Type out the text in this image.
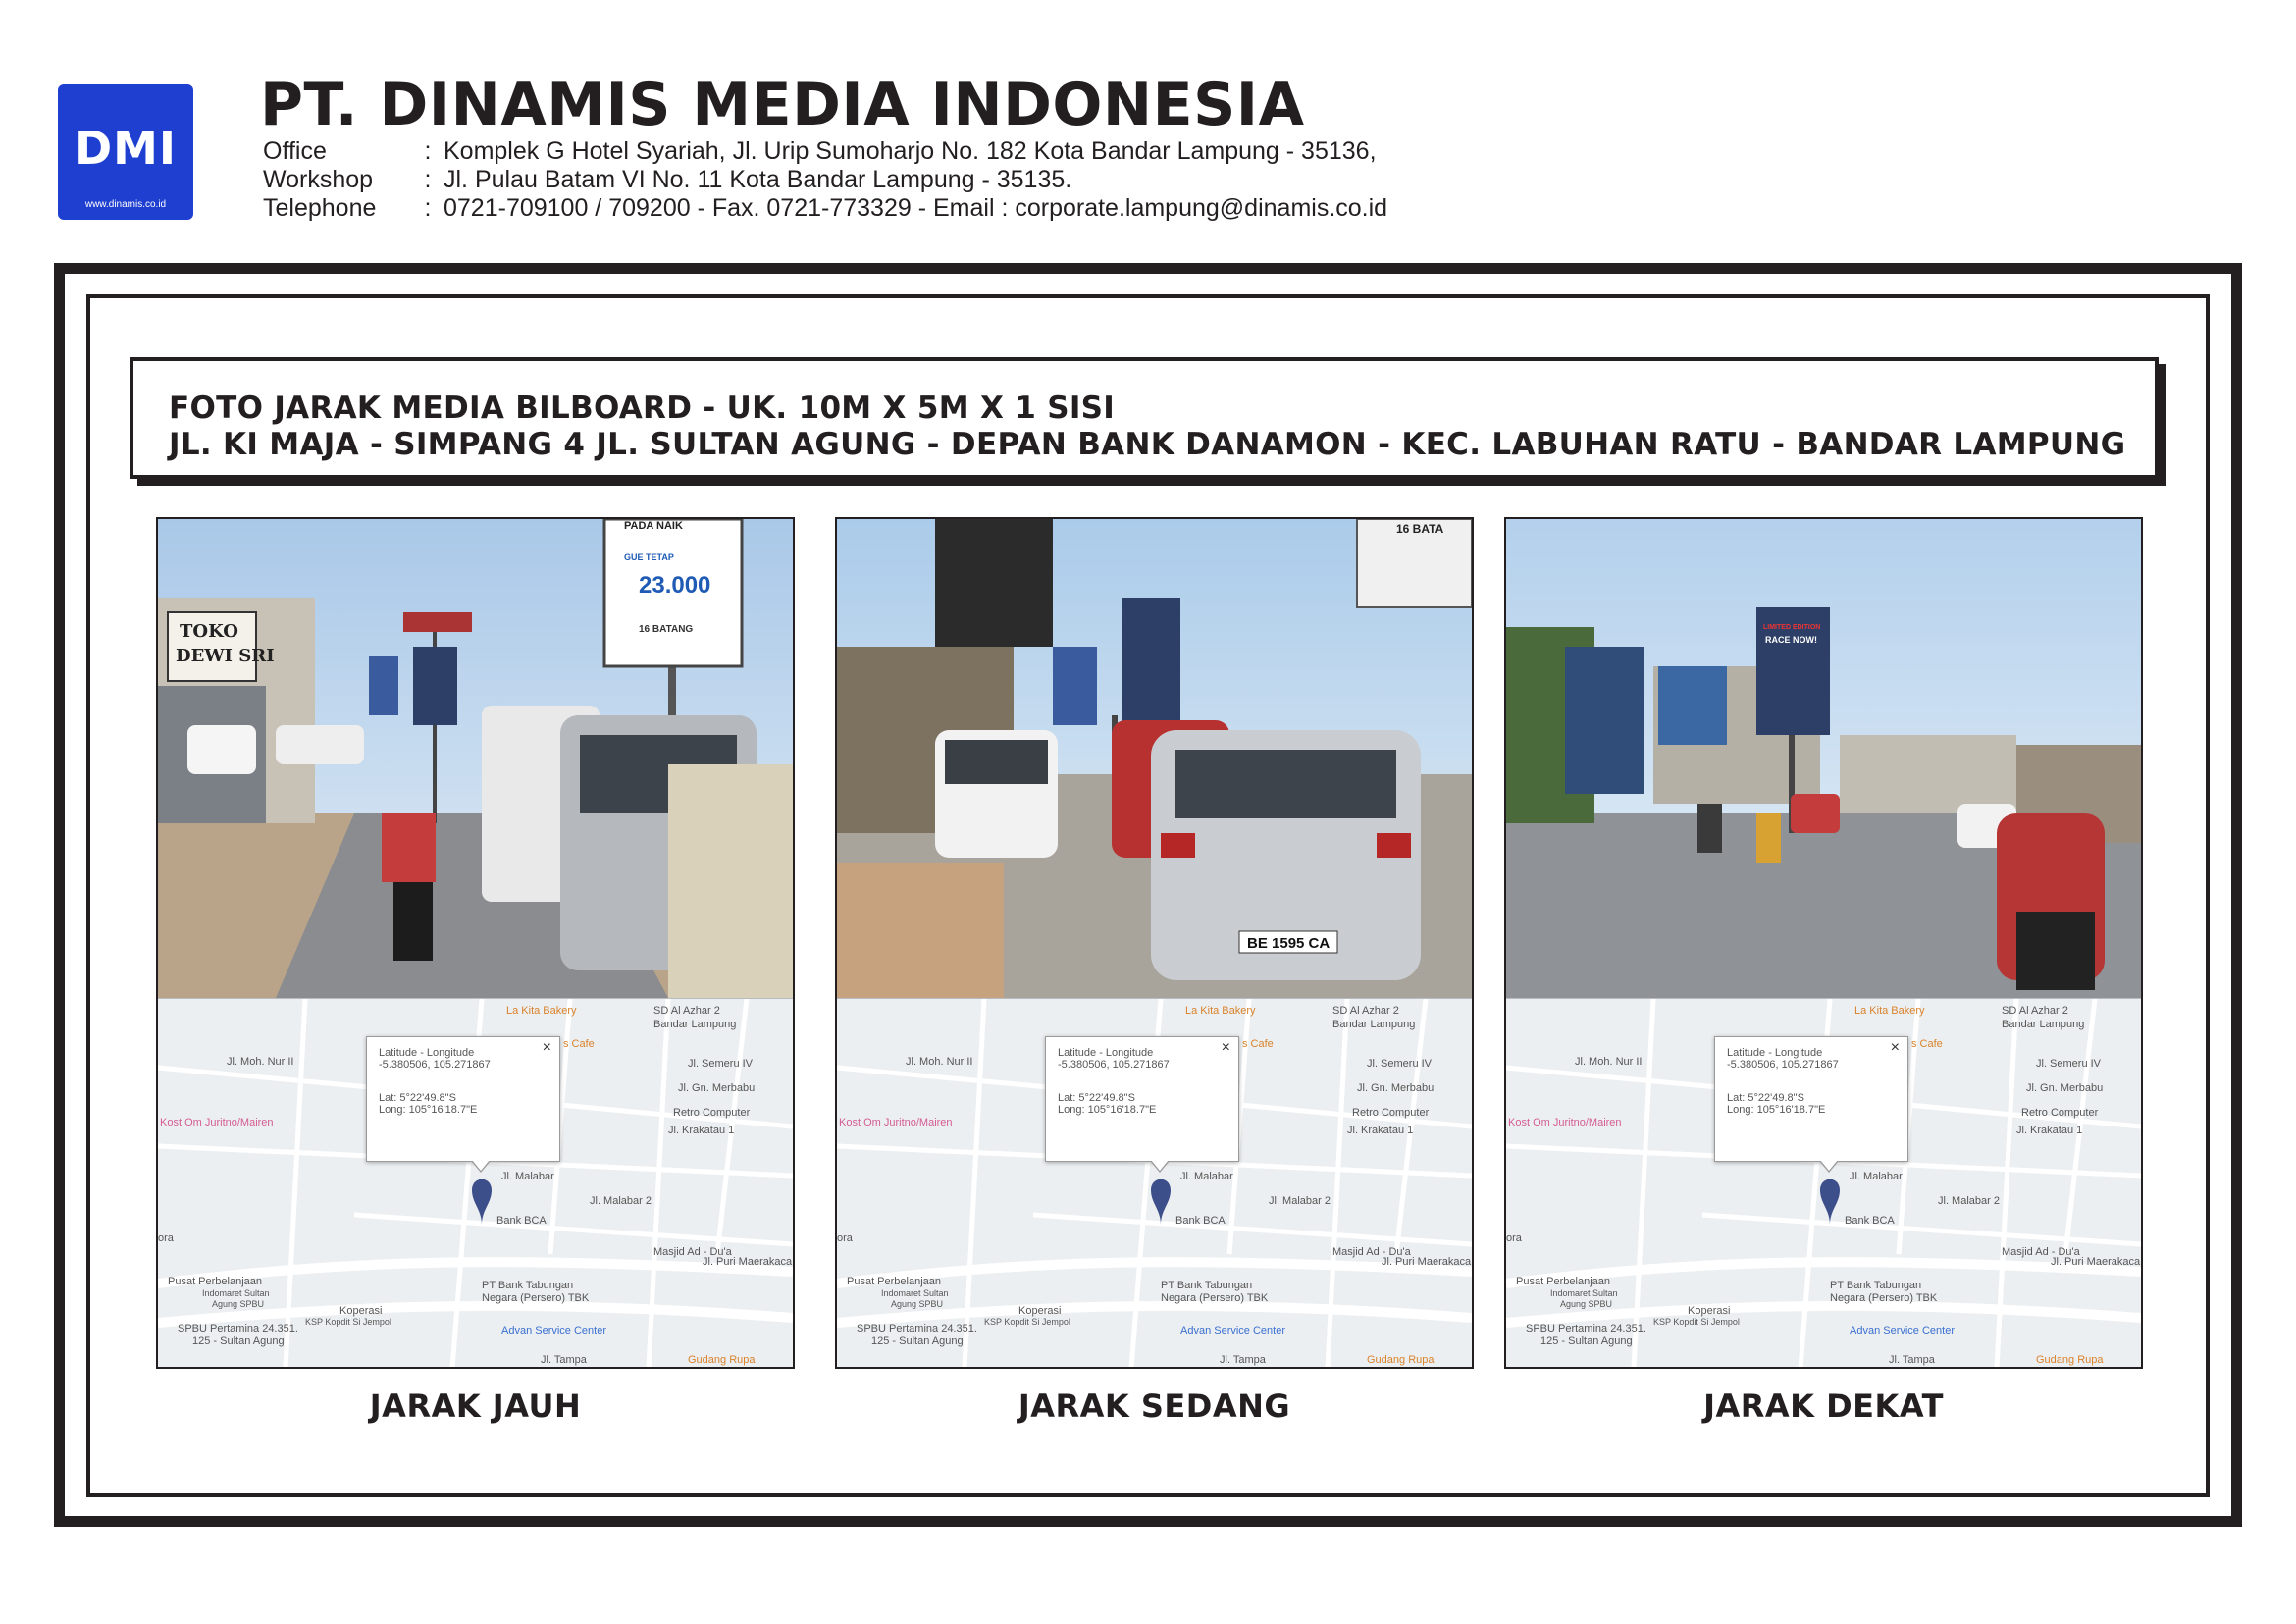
DMI
www.dinamis.co.id
PT. DINAMIS MEDIA INDONESIA
Office	: Komplek G Hotel Syariah, Jl. Urip Sumoharjo No. 182 Kota Bandar Lampung - 35136,
Workshop	: Jl. Pulau Batam VI No. 11 Kota Bandar Lampung - 35135.
Telephone	: 0721-709100 / 709200 - Fax. 0721-773329 - Email : corporate.lampung@dinamis.co.id
FOTO JARAK MEDIA BILBOARD - UK. 10M X 5M X 1 SISI
JL. KI MAJA - SIMPANG 4 JL. SULTAN AGUNG - DEPAN BANK DANAMON - KEC. LABUHAN RATU - BANDAR LAMPUNG
TOKO
DEWI SRI
PADA NAIK
GUE TETAP
23.000
16 BATANG
La Kita Bakery	SD Al Azhar 2
Bandar Lampung
s Cafe
Kost Om Juritno/Mairen
Retro Computer
Bank BCA
Masjid Ad - Du'a
Pusat Perbelanjaan
Indomaret Sultan
Agung SPBU
Koperasi
KSP Kopdit Si Jempol
PT Bank Tabungan
Negara (Persero) TBK
Advan Service Center
SPBU Pertamina 24.351.
125 - Sultan Agung
Gudang Rupa
Jl. Malabar
Jl. Malabar 2
Jl. Moh. Nur II
Jl. Gn. Merbabu
Jl. Krakatau 1
Jl. Puri Maerakaca
Jl. Tampa
Jl. Semeru IV
ora
×
Latitude - Longitude
-5.380506, 105.271867
Lat: 5°22'49.8"S
Long: 105°16'18.7"E
16 BATA
BE 1595 CA
La Kita Bakery	SD Al Azhar 2
Bandar Lampung
s Cafe
Kost Om Juritno/Mairen
Retro Computer
Bank BCA
Masjid Ad - Du'a
Pusat Perbelanjaan
Indomaret Sultan
Agung SPBU
Koperasi
KSP Kopdit Si Jempol
PT Bank Tabungan
Negara (Persero) TBK
Advan Service Center
SPBU Pertamina 24.351.
125 - Sultan Agung
Gudang Rupa
Jl. Malabar
Jl. Malabar 2
Jl. Moh. Nur II
Jl. Gn. Merbabu
Jl. Krakatau 1
Jl. Puri Maerakaca
Jl. Tampa
Jl. Semeru IV
ora
×
Latitude - Longitude
-5.380506, 105.271867
Lat: 5°22'49.8"S
Long: 105°16'18.7"E
LIMITED EDITION
RACE NOW!
La Kita Bakery	SD Al Azhar 2
Bandar Lampung
s Cafe
Kost Om Juritno/Mairen
Retro Computer
Bank BCA
Masjid Ad - Du'a
Pusat Perbelanjaan
Indomaret Sultan
Agung SPBU
Koperasi
KSP Kopdit Si Jempol
PT Bank Tabungan
Negara (Persero) TBK
Advan Service Center
SPBU Pertamina 24.351.
125 - Sultan Agung
Gudang Rupa
Jl. Malabar
Jl. Malabar 2
Jl. Moh. Nur II
Jl. Gn. Merbabu
Jl. Krakatau 1
Jl. Puri Maerakaca
Jl. Tampa
Jl. Semeru IV
ora
×
Latitude - Longitude
-5.380506, 105.271867
Lat: 5°22'49.8"S
Long: 105°16'18.7"E
JARAK JAUH	JARAK SEDANG	JARAK DEKAT
